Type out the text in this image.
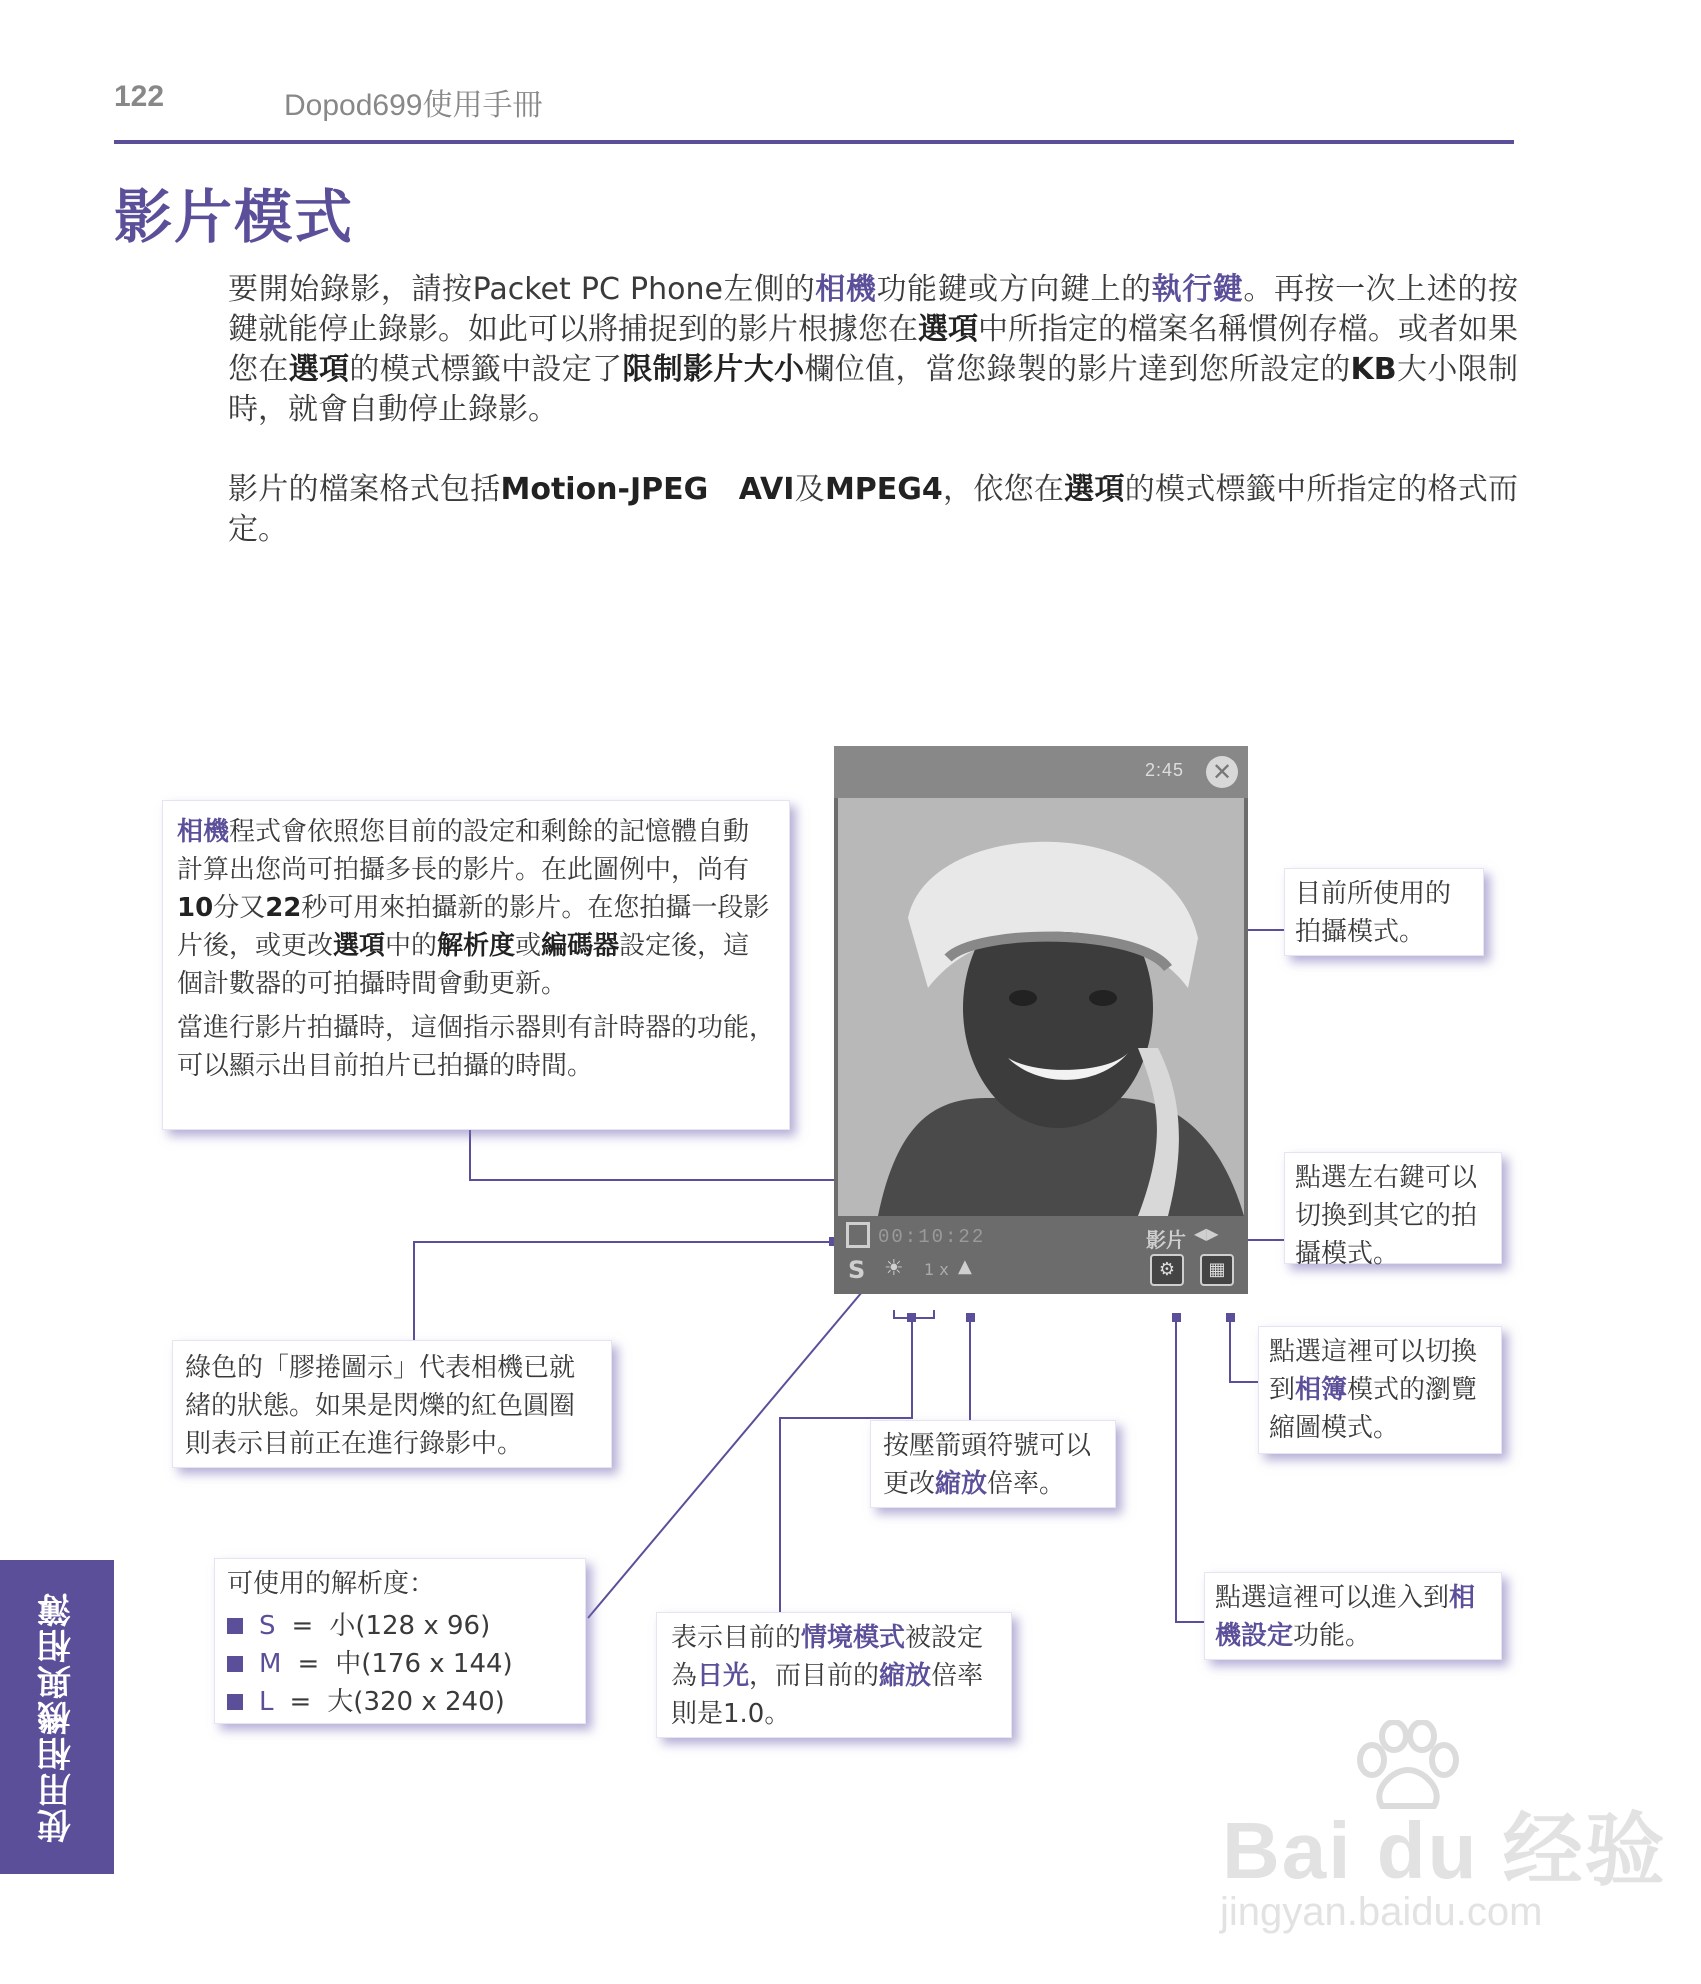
122	Dopod699使用手冊
影片模式
要開始錄影，請按Packet PC Phone左側的相機功能鍵或方向鍵上的執行鍵。再按一次上述的按鍵就能停止錄影。如此可以將捕捉到的影片根據您在選項中所指定的檔案名稱慣例存檔。或者如果您在選項的模式標籤中設定了限制影片大小欄位值，當您錄製的影片達到您所設定的KB大小限制時，就會自動停止錄影。
影片的檔案格式包括Motion-JPEG　AVI及MPEG4，依您在選項的模式標籤中所指定的格式而定。
2:45 ✕
00:10:22	影片 ◀▶
S ☀ 1 x ▲	⚙	▦

相機程式會依照您目前的設定和剩餘的記憶體自動計算出您尚可拍攝多長的影片。在此圖例中，尚有10分又22秒可用來拍攝新的影片。在您拍攝一段影片後，或更改選項中的解析度或編碼器設定後，這個計數器的可拍攝時間會動更新。

當進行影片拍攝時，這個指示器則有計時器的功能，可以顯示出目前拍片已拍攝的時間。

目前所使用的拍攝模式。
點選左右鍵可以切換到其它的拍攝模式。
綠色的「膠捲圖示」代表相機已就緒的狀態。如果是閃爍的紅色圓圈則表示目前正在進行錄影中。
點選這裡可以切換到相簿模式的瀏覽縮圖模式。
按壓箭頭符號可以更改縮放倍率。
點選這裡可以進入到相機設定功能。
可使用的解析度：
S = 小(128 x 96)
M = 中(176 x 144)
L = 大(320 x 240)
表示目前的情境模式被設定為日光，而目前的縮放倍率則是1.0。
使用相機與相簿
Bai du 经验
jingyan.baidu.com
